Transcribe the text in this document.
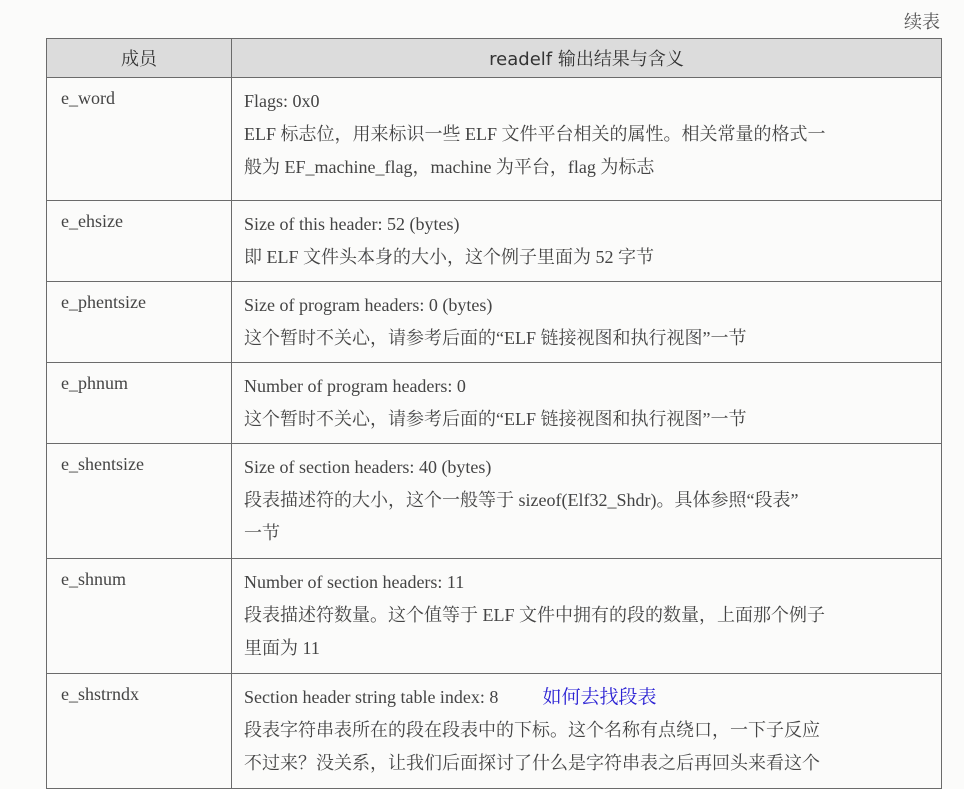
续表
成员	readelf 输出结果与含义
e_word	Flags: 0x0
ELF 标志位，用来标识一些 ELF 文件平台相关的属性。相关常量的格式一
般为 EF_machine_flag，machine 为平台，flag 为标志

e_ehsize	Size of this header: 52 (bytes)
即 ELF 文件头本身的大小，这个例子里面为 52 字节

e_phentsize	Size of program headers: 0 (bytes)
这个暂时不关心，请参考后面的“ELF 链接视图和执行视图”一节

e_phnum	Number of program headers: 0
这个暂时不关心，请参考后面的“ELF 链接视图和执行视图”一节

e_shentsize	Size of section headers: 40 (bytes)
段表描述符的大小，这个一般等于 sizeof(Elf32_Shdr)。具体参照“段表”
一节

e_shnum	Number of section headers: 11
段表描述符数量。这个值等于 ELF 文件中拥有的段的数量，上面那个例子
里面为 11

e_shstrndx	Section header string table index: 8 如何去找段表
段表字符串表所在的段在段表中的下标。这个名称有点绕口，一下子反应
不过来？没关系，让我们后面探讨了什么是字符串表之后再回头来看这个
